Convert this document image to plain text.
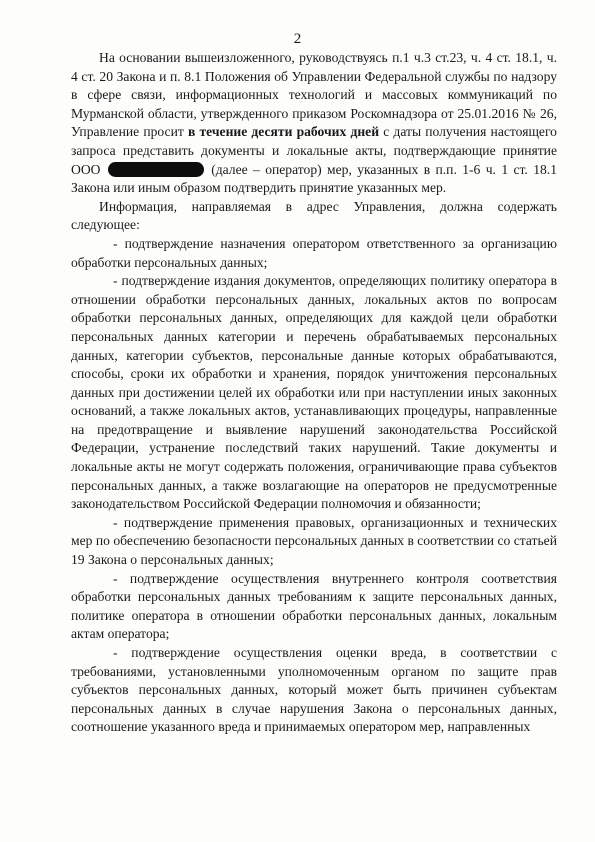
2

На основании вышеизложенного, руководствуясь п.1 ч.3 ст.23, ч. 4 ст. 18.1, ч. 4 ст. 20 Закона и п. 8.1 Положения об Управлении Федеральной службы по надзору в сфере связи, информационных технологий и массовых коммуникаций по Мурманской области, утвержденного приказом Роскомнадзора от 25.01.2016 № 26, Управление просит в течение десяти рабочих дней с даты получения настоящего запроса представить документы и локальные акты, подтверждающие принятие ООО	(далее – оператор) мер, указанных в п.п. 1-6 ч. 1 ст. 18.1 Закона или иным образом подтвердить принятие указанных мер.

Информация, направляемая в адрес Управления, должна содержать следующее:

- подтверждение назначения оператором ответственного за организацию обработки персональных данных;

- подтверждение издания документов, определяющих политику оператора в отношении обработки персональных данных, локальных актов по вопросам обработки персональных данных, определяющих для каждой цели обработки персональных данных категории и перечень обрабатываемых персональных данных, категории субъектов, персональные данные которых обрабатываются, способы, сроки их обработки и хранения, порядок уничтожения персональных данных при достижении целей их обработки или при наступлении иных законных оснований, а также локальных актов, устанавливающих процедуры, направленные на предотвращение и выявление нарушений законодательства Российской Федерации, устранение последствий таких нарушений. Такие документы и локальные акты не могут содержать положения, ограничивающие права субъектов персональных данных, а также возлагающие на операторов не предусмотренные законодательством Российской Федерации полномочия и обязанности;

- подтверждение применения правовых, организационных и технических мер по обеспечению безопасности персональных данных в соответствии со статьей 19 Закона о персональных данных;

- подтверждение осуществления внутреннего контроля соответствия обработки персональных данных требованиям к защите персональных данных, политике оператора в отношении обработки персональных данных, локальным актам оператора;

- подтверждение осуществления оценки вреда, в соответствии с требованиями, установленными уполномоченным органом по защите прав субъектов персональных данных, который может быть причинен субъектам персональных данных в случае нарушения Закона о персональных данных, соотношение указанного вреда и принимаемых оператором мер, направленных
